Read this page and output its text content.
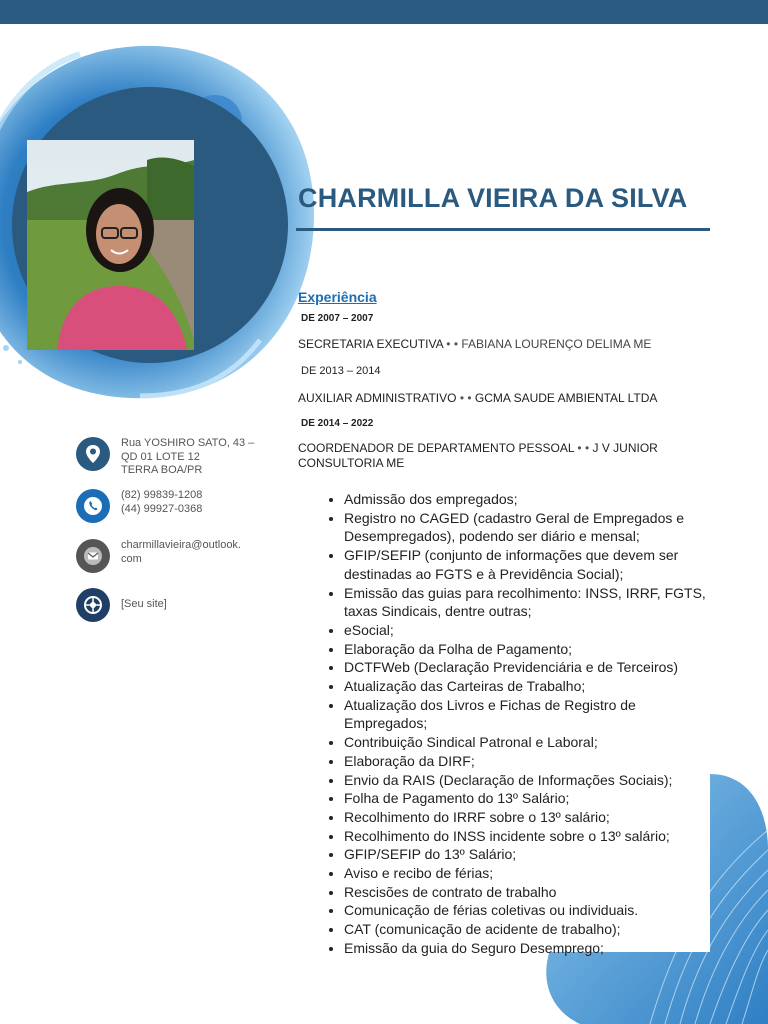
CHARMILLA VIEIRA DA SILVA
Rua YOSHIRO SATO, 43 –
QD 01 LOTE 12
TERRA BOA/PR
(82) 99839-1208
(44) 99927-0368
charmillavieira@outlook.
com
[Seu site]
Experiência
DE 2007 – 2007
SECRETARIA EXECUTIVA • • FABIANA LOURENÇO DELIMA ME
DE 2013 – 2014
AUXILIAR ADMINISTRATIVO • • GCMA SAUDE AMBIENTAL LTDA
DE 2014 – 2022
COORDENADOR DE DEPARTAMENTO PESSOAL • • J V JUNIOR CONSULTORIA ME
• Admissão dos empregados;
• Registro no CAGED (cadastro Geral de Empregados e Desempregados), podendo ser diário e mensal;
• GFIP/SEFIP (conjunto de informações que devem ser destinadas ao FGTS e à Previdência Social);
• Emissão das guias para recolhimento: INSS, IRRF, FGTS, taxas Sindicais, dentre outras;
• eSocial;
• Elaboração da Folha de Pagamento;
• DCTFWeb (Declaração Previdenciária e de Terceiros)
• Atualização das Carteiras de Trabalho;
• Atualização dos Livros e Fichas de Registro de Empregados;
• Contribuição Sindical Patronal e Laboral;
• Elaboração da DIRF;
• Envio da RAIS (Declaração de Informações Sociais);
• Folha de Pagamento do 13º Salário;
• Recolhimento do IRRF sobre o 13º salário;
• Recolhimento do INSS incidente sobre o 13º salário;
• GFIP/SEFIP do 13º Salário;
• Aviso e recibo de férias;
• Rescisões de contrato de trabalho
• Comunicação de férias coletivas ou individuais.
• CAT (comunicação de acidente de trabalho);
• Emissão da guia do Seguro Desemprego;
